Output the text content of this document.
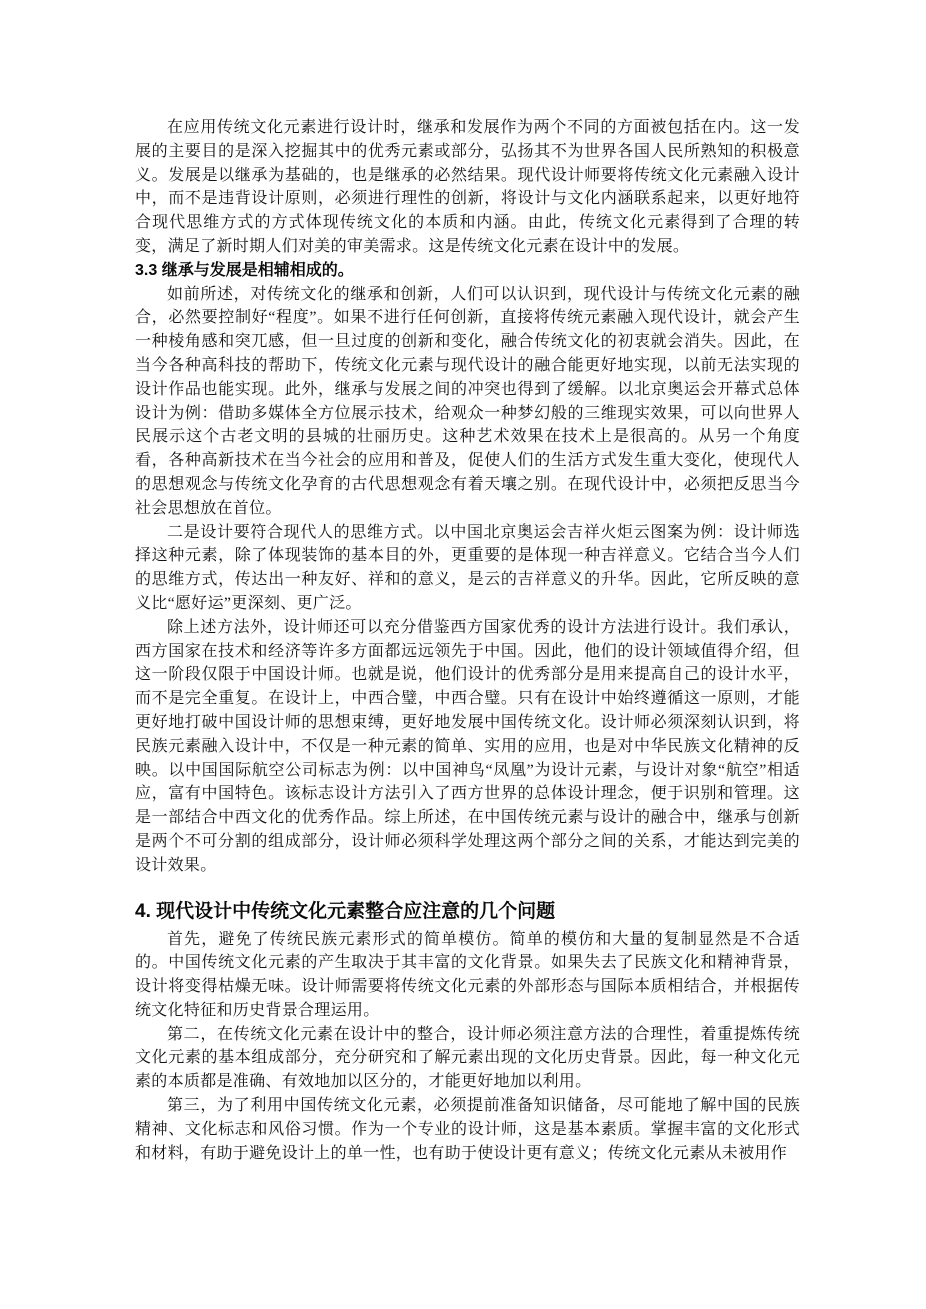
在应用传统文化元素进行设计时，继承和发展作为两个不同的方面被包括在内。这一发展的主要目的是深入挖掘其中的优秀元素或部分，弘扬其不为世界各国人民所熟知的积极意义。发展是以继承为基础的，也是继承的必然结果。现代设计师要将传统文化元素融入设计中，而不是违背设计原则，必须进行理性的创新，将设计与文化内涵联系起来，以更好地符合现代思维方式的方式体现传统文化的本质和内涵。由此，传统文化元素得到了合理的转变，满足了新时期人们对美的审美需求。这是传统文化元素在设计中的发展。

3.3 继承与发展是相辅相成的。

如前所述，对传统文化的继承和创新，人们可以认识到，现代设计与传统文化元素的融合，必然要控制好“程度”。如果不进行任何创新，直接将传统元素融入现代设计，就会产生一种棱角感和突兀感，但一旦过度的创新和变化，融合传统文化的初衷就会消失。因此，在当今各种高科技的帮助下，传统文化元素与现代设计的融合能更好地实现，以前无法实现的设计作品也能实现。此外，继承与发展之间的冲突也得到了缓解。以北京奥运会开幕式总体设计为例：借助多媒体全方位展示技术，给观众一种梦幻般的三维现实效果，可以向世界人民展示这个古老文明的县城的壮丽历史。这种艺术效果在技术上是很高的。从另一个角度看，各种高新技术在当今社会的应用和普及，促使人们的生活方式发生重大变化，使现代人的思想观念与传统文化孕育的古代思想观念有着天壤之别。在现代设计中，必须把反思当今社会思想放在首位。

二是设计要符合现代人的思维方式。以中国北京奥运会吉祥火炬云图案为例：设计师选择这种元素，除了体现装饰的基本目的外，更重要的是体现一种吉祥意义。它结合当今人们的思维方式，传达出一种友好、祥和的意义，是云的吉祥意义的升华。因此，它所反映的意义比“愿好运”更深刻、更广泛。

除上述方法外，设计师还可以充分借鉴西方国家优秀的设计方法进行设计。我们承认，西方国家在技术和经济等许多方面都远远领先于中国。因此，他们的设计领域值得介绍，但这一阶段仅限于中国设计师。也就是说，他们设计的优秀部分是用来提高自己的设计水平，而不是完全重复。在设计上，中西合璧，中西合璧。只有在设计中始终遵循这一原则，才能更好地打破中国设计师的思想束缚，更好地发展中国传统文化。设计师必须深刻认识到，将民族元素融入设计中，不仅是一种元素的简单、实用的应用，也是对中华民族文化精神的反映。以中国国际航空公司标志为例：以中国神鸟“凤凰”为设计元素，与设计对象“航空”相适应，富有中国特色。该标志设计方法引入了西方世界的总体设计理念，便于识别和管理。这是一部结合中西文化的优秀作品。综上所述，在中国传统元素与设计的融合中，继承与创新是两个不可分割的组成部分，设计师必须科学处理这两个部分之间的关系，才能达到完美的设计效果。

4. 现代设计中传统文化元素整合应注意的几个问题

首先，避免了传统民族元素形式的简单模仿。简单的模仿和大量的复制显然是不合适的。中国传统文化元素的产生取决于其丰富的文化背景。如果失去了民族文化和精神背景，设计将变得枯燥无味。设计师需要将传统文化元素的外部形态与国际本质相结合，并根据传统文化特征和历史背景合理运用。

第二，在传统文化元素在设计中的整合，设计师必须注意方法的合理性，着重提炼传统文化元素的基本组成部分，充分研究和了解元素出现的文化历史背景。因此，每一种文化元素的本质都是准确、有效地加以区分的，才能更好地加以利用。

第三，为了利用中国传统文化元素，必须提前准备知识储备，尽可能地了解中国的民族精神、文化标志和风俗习惯。作为一个专业的设计师，这是基本素质。掌握丰富的文化形式和材料，有助于避免设计上的单一性，也有助于使设计更有意义；传统文化元素从未被用作
